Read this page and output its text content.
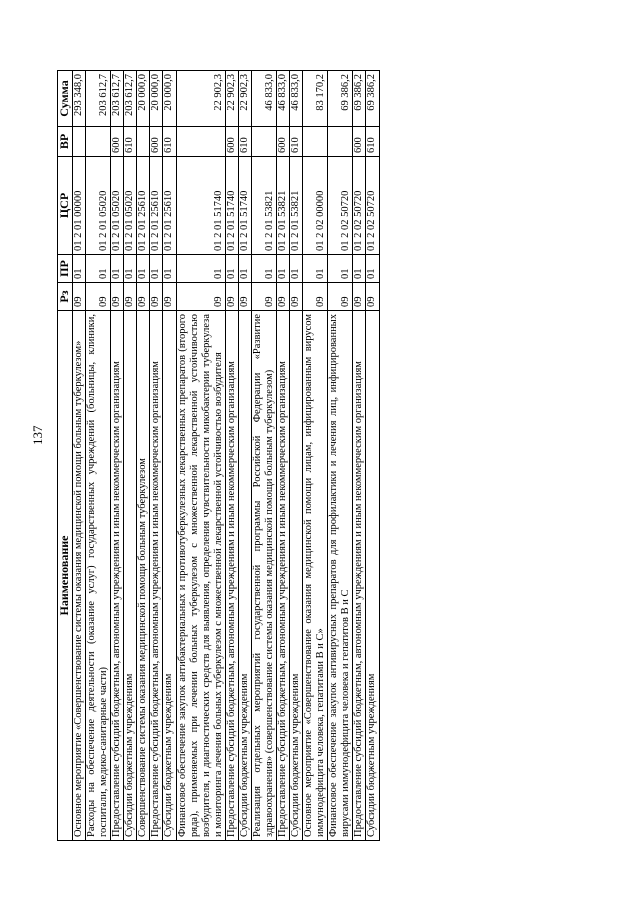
137
Наименование	Рз	ПР	ЦСР	ВР	Сумма
Основное мероприятие «Совершенствование системы оказания медицинской помощи больным туберкулезом»	09	01	01 2 01 00000		293 348,0
Расходы на обеспечение деятельности (оказание услуг) государственных учреждений (больницы, клиники, госпитали, медико-санитарные части)	09	01	01 2 01 05020		203 612,7
Предоставление субсидий бюджетным, автономным учреждениям и иным некоммерческим организациям	09	01	01 2 01 05020	600	203 612,7
Субсидии бюджетным учреждениям	09	01	01 2 01 05020	610	203 612,7
Совершенствование системы оказания медицинской помощи больным туберкулезом	09	01	01 2 01 25610		20 000,0
Предоставление субсидий бюджетным, автономным учреждениям и иным некоммерческим организациям	09	01	01 2 01 25610	600	20 000,0
Субсидии бюджетным учреждениям	09	01	01 2 01 25610	610	20 000,0
Финансовое обеспечение закупок антибактериальных и противотуберкулезных лекарственных препаратов (второго ряда), применяемых при лечении больных туберкулезом с множественной лекарственной устойчивостью возбудителя, и диагностических средств для выявления, определения чувствительности микобактерии туберкулеза и мониторинга лечения больных туберкулезом с множественной лекарственной устойчивостью возбудителя	09	01	01 2 01 51740		22 902,3
Предоставление субсидий бюджетным, автономным учреждениям и иным некоммерческим организациям	09	01	01 2 01 51740	600	22 902,3
Субсидии бюджетным учреждениям	09	01	01 2 01 51740	610	22 902,3
Реализация отдельных мероприятий государственной программы Российской Федерации «Развитие здравоохранения» (совершенствование системы оказания медицинской помощи больным туберкулезом)	09	01	01 2 01 53821		46 833,0
Предоставление субсидий бюджетным, автономным учреждениям и иным некоммерческим организациям	09	01	01 2 01 53821	600	46 833,0
Субсидии бюджетным учреждениям	09	01	01 2 01 53821	610	46 833,0
Основное мероприятие «Совершенствование оказания медицинской помощи лицам, инфицированным вирусом иммунодефицита человека, гепатитами B и C»	09	01	01 2 02 00000		83 170,2
Финансовое обеспечение закупок антивирусных препаратов для профилактики и лечения лиц, инфицированных вирусами иммунодефицита человека и гепатитов B и C	09	01	01 2 02 50720		69 386,2
Предоставление субсидий бюджетным, автономным учреждениям и иным некоммерческим организациям	09	01	01 2 02 50720	600	69 386,2
Субсидии бюджетным учреждениям	09	01	01 2 02 50720	610	69 386,2
